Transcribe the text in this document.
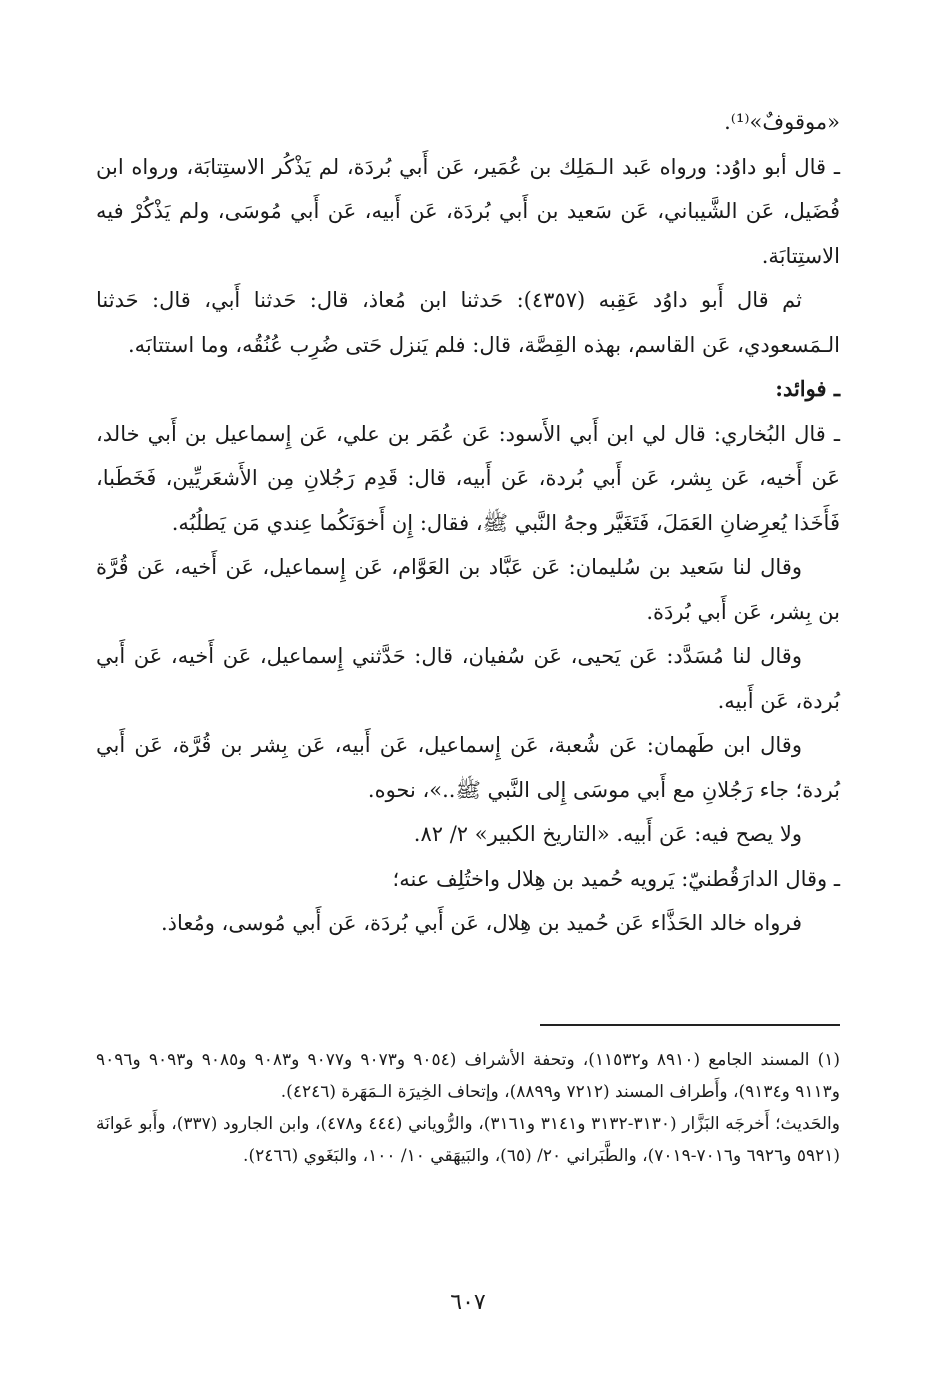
«موقوفٌ»⁽¹⁾.

ـ قال أبو داوُد: ورواه عَبد الـمَلِك بن عُمَير، عَن أَبي بُردَة، لم يَذْكُر الاستِتابَة، ورواه ابن فُضَيل، عَن الشَّيباني، عَن سَعيد بن أَبي بُردَة، عَن أَبيه، عَن أَبي مُوسَى، ولم يَذْكُرْ فيه الاستِتابَة.

ثم قال أَبو داوُد عَقِبه (٤٣٥٧): حَدثنا ابن مُعاذ، قال: حَدثنا أَبي، قال: حَدثنا الـمَسعودي، عَن القاسم، بهذه القِصَّة، قال: فلم يَنزل حَتى ضُرِب عُنُقُه، وما استتابَه.

ـ فوائد:

ـ قال البُخاري: قال لي ابن أَبي الأَسود: عَن عُمَر بن علي، عَن إِسماعيل بن أَبي خالد، عَن أَخيه، عَن بِشر، عَن أَبي بُردة، عَن أَبيه، قال: قَدِم رَجُلانِ مِن الأَشعَريِّين، فَخَطَبا، فَأَخَذا يُعرِضانِ العَمَلَ، فَتَغَيَّر وجهُ النَّبي ﷺ، فقال: إِن أَخوَنَكُما عِندي مَن يَطلُبُه.

وقال لنا سَعيد بن سُليمان: عَن عَبَّاد بن العَوَّام، عَن إِسماعيل، عَن أَخيه، عَن قُرَّة بن بِشر، عَن أَبي بُردَة.

وقال لنا مُسَدَّد: عَن يَحيى، عَن سُفيان، قال: حَدَّثني إِسماعيل، عَن أَخيه، عَن أَبي بُردة، عَن أَبيه.

وقال ابن طَهمان: عَن شُعبة، عَن إِسماعيل، عَن أَبيه، عَن بِشر بن قُرَّة، عَن أَبي بُردة؛ جاء رَجُلانِ مع أَبي موسَى إِلى النَّبي ﷺ..»، نحوه.

ولا يصح فيه: عَن أَبيه. «التاريخ الكبير» ٢/ ٨٢.

ـ وقال الدارَقُطنيّ: يَرويه حُميد بن هِلال واختُلِف عنه؛

فرواه خالد الحَذَّاء عَن حُميد بن هِلال، عَن أَبي بُردَة، عَن أَبي مُوسى، ومُعاذ.

(١) المسند الجامع (٨٩١٠ و١١٥٣٢)، وتحفة الأشراف (٩٠٥٤ و٩٠٧٣ و٩٠٧٧ و٩٠٨٣ و٩٠٨٥ و٩٠٩٣ و٩٠٩٦ و٩١١٣ و٩١٣٤)، وأَطراف المسند (٧٢١٢ و٨٨٩٩)، وإتحاف الخِيرَة الـمَهَرة (٤٢٤٦).

والحَديث؛ أَخرجَه البَزَّار (٣١٣٠-٣١٣٢ و٣١٤١ و٣١٦١)، والرُّوياني (٤٤٤ و٤٧٨)، وابن الجارود (٣٣٧)، وأَبو عَوانَة (٥٩٢١ و٦٩٢٦ و٧٠١٦-٧٠١٩)، والطَّبَراني ٢٠/ (٦٥)، والبَيهَقي ١٠/ ١٠٠، والبَغَوي (٢٤٦٦).

٦٠٧
